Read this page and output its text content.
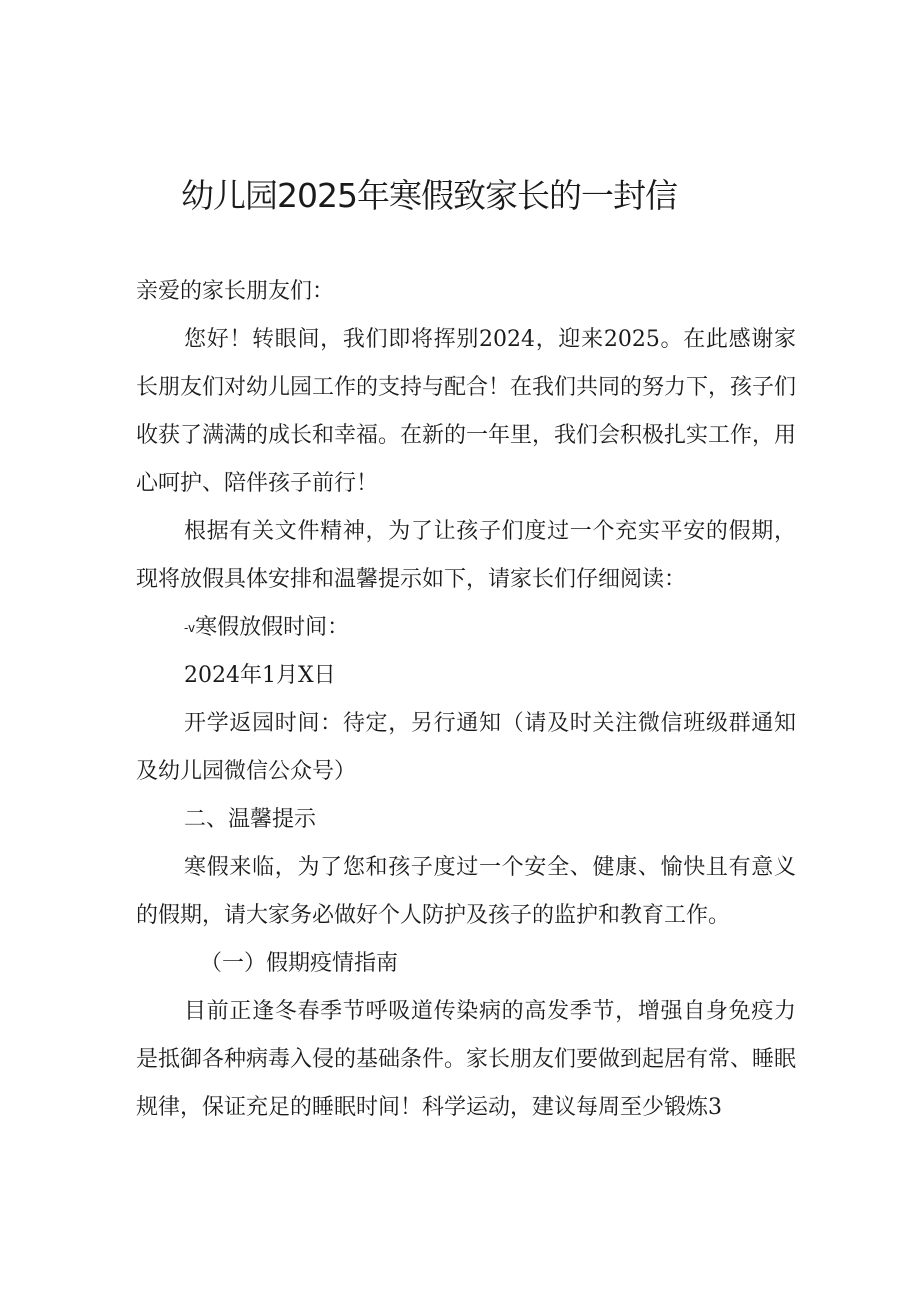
幼儿园2025年寒假致家长的一封信

亲爱的家长朋友们：

您好！转眼间，我们即将挥别2024，迎来2025。在此感谢家长朋友们对幼儿园工作的支持与配合！在我们共同的努力下，孩子们收获了满满的成长和幸福。在新的一年里，我们会积极扎实工作，用心呵护、陪伴孩子前行！

根据有关文件精神，为了让孩子们度过一个充实平安的假期，现将放假具体安排和温馨提示如下，请家长们仔细阅读：

-v寒假放假时间：

2024年1月X日

开学返园时间：待定，另行通知（请及时关注微信班级群通知及幼儿园微信公众号）

二、温馨提示

寒假来临，为了您和孩子度过一个安全、健康、愉快且有意义的假期，请大家务必做好个人防护及孩子的监护和教育工作。

（一）假期疫情指南

目前正逢冬春季节呼吸道传染病的高发季节，增强自身免疫力是抵御各种病毒入侵的基础条件。家长朋友们要做到起居有常、睡眠规律，保证充足的睡眠时间！科学运动，建议每周至少锻炼3
